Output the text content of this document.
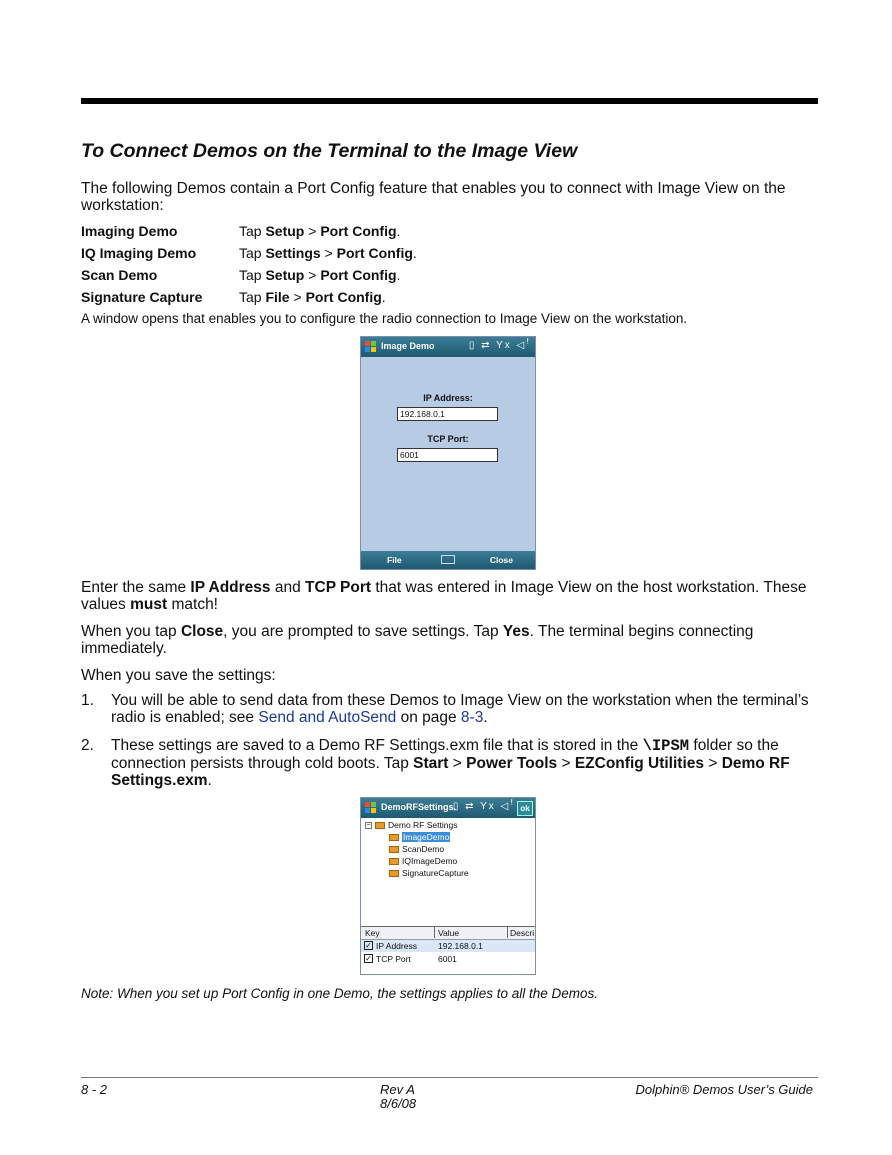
To Connect Demos on the Terminal to the Image View

The following Demos contain a Port Config feature that enables you to connect with Image View on the workstation:

Imaging Demo	Tap Setup > Port Config.
IQ Imaging Demo	Tap Settings > Port Config.
Scan Demo	Tap Setup > Port Config.
Signature Capture	Tap File > Port Config.
A window opens that enables you to configure the radio connection to Image View on the workstation.
Image Demo	▯ ⇄ Yx ◁ꜝ
IP Address:
192.168.0.1
TCP Port:
6001
File	Close

Enter the same IP Address and TCP Port that was entered in Image View on the host workstation. These values must match!

When you tap Close, you are prompted to save settings. Tap Yes. The terminal begins connecting immediately.

When you save the settings:

1. You will be able to send data from these Demos to Image View on the workstation when the terminal’s radio is enabled; see Send and AutoSend on page 8-3.
2. These settings are saved to a Demo RF Settings.exm file that is stored in the \IPSM folder so the connection persists through cold boots. Tap Start > Power Tools > EZConfig Utilities > Demo RF Settings.exm.
DemoRFSettings.
▯ ⇄ Yx ◁ꜝ ok
− Demo RF Settings
ImageDemo
ScanDemo
IQImageDemo
SignatureCapture
Key	Value	Descri
✓ IP Address 192.168.0.1
✓ TCP Port	6001
Note: When you set up Port Config in one Demo, the settings applies to all the Demos.
8 - 2	Rev A
8/6/08
Dolphin® Demos User’s Guide
